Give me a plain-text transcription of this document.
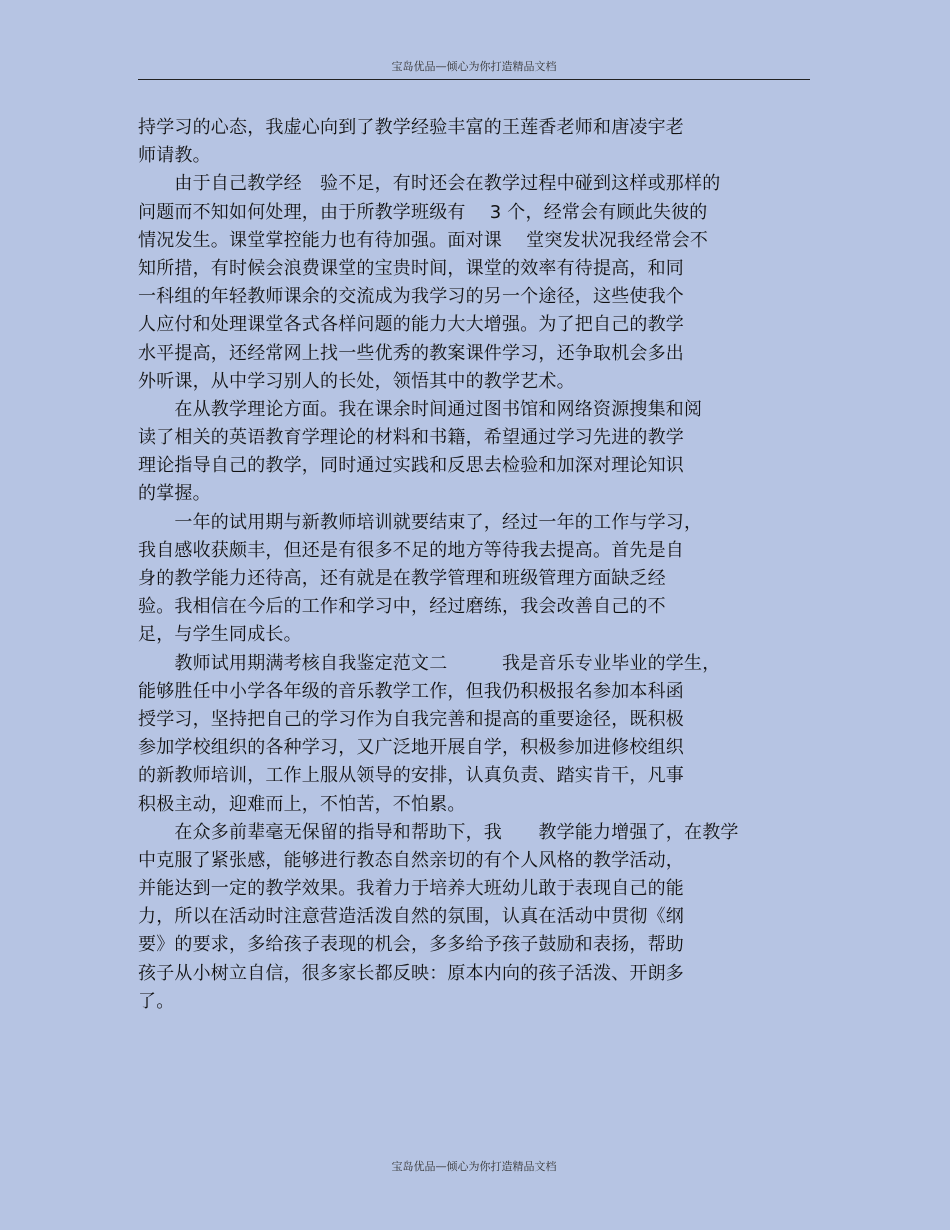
宝岛优品—倾心为你打造精品文档
持学习的心态，我虚心向到了教学经验丰富的王莲香老师和唐凌宇老
师请教。
　　由于自己教学经　验不足，有时还会在教学过程中碰到这样或那样的
问题而不知如何处理，由于所教学班级有　 3 个，经常会有顾此失彼的
情况发生。课堂掌控能力也有待加强。面对课　 堂突发状况我经常会不
知所措，有时候会浪费课堂的宝贵时间，课堂的效率有待提高，和同
一科组的年轻教师课余的交流成为我学习的另一个途径，这些使我个
人应付和处理课堂各式各样问题的能力大大增强。为了把自己的教学
水平提高，还经常网上找一些优秀的教案课件学习，还争取机会多出
外听课，从中学习别人的长处，领悟其中的教学艺术。
　　在从教学理论方面。我在课余时间通过图书馆和网络资源搜集和阅
读了相关的英语教育学理论的材料和书籍，希望通过学习先进的教学
理论指导自己的教学，同时通过实践和反思去检验和加深对理论知识
的掌握。
　　一年的试用期与新教师培训就要结束了，经过一年的工作与学习，
我自感收获颇丰，但还是有很多不足的地方等待我去提高。首先是自
身的教学能力还待高，还有就是在教学管理和班级管理方面缺乏经
验。我相信在今后的工作和学习中，经过磨练，我会改善自己的不
足，与学生同成长。
　　教师试用期满考核自我鉴定范文二　　　我是音乐专业毕业的学生，
能够胜任中小学各年级的音乐教学工作，但我仍积极报名参加本科函
授学习，坚持把自己的学习作为自我完善和提高的重要途径，既积极
参加学校组织的各种学习，又广泛地开展自学，积极参加进修校组织
的新教师培训，工作上服从领导的安排，认真负责、踏实肯干，凡事
积极主动，迎难而上，不怕苦，不怕累。
　　在众多前辈毫无保留的指导和帮助下，我　　教学能力增强了，在教学
中克服了紧张感，能够进行教态自然亲切的有个人风格的教学活动，
并能达到一定的教学效果。我着力于培养大班幼儿敢于表现自己的能
力，所以在活动时注意营造活泼自然的氛围，认真在活动中贯彻《纲
要》的要求，多给孩子表现的机会，多多给予孩子鼓励和表扬，帮助
孩子从小树立自信，很多家长都反映：原本内向的孩子活泼、开朗多
了。
宝岛优品—倾心为你打造精品文档
